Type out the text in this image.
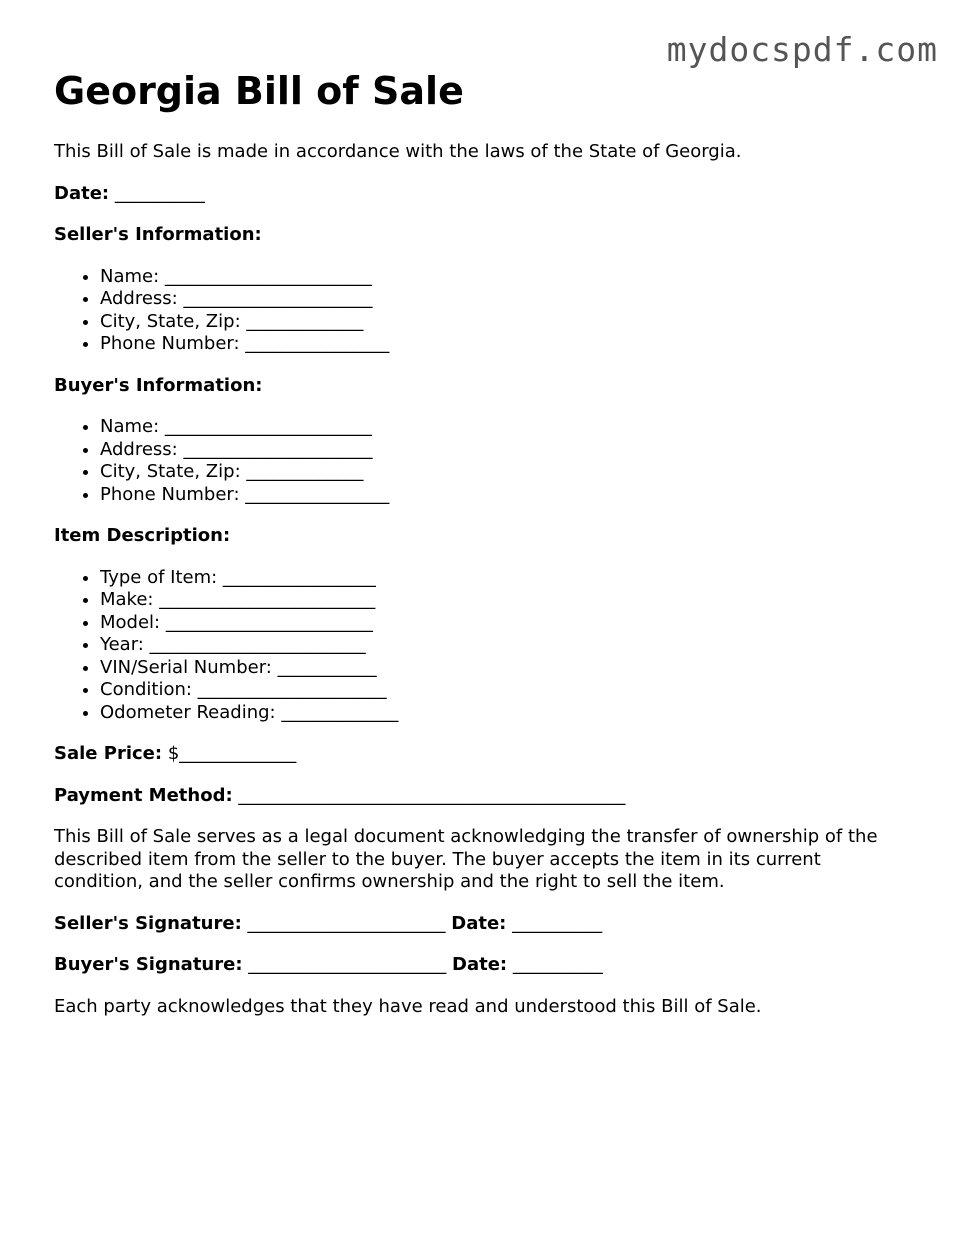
mydocspdf.com
Georgia Bill of Sale

This Bill of Sale is made in accordance with the laws of the State of Georgia.

Date: __________

Seller's Information:

• Name: _______________________
• Address: _____________________
• City, State, Zip: _____________
• Phone Number: ________________

Buyer's Information:

• Name: _______________________
• Address: _____________________
• City, State, Zip: _____________
• Phone Number: ________________

Item Description:

• Type of Item: _________________
• Make: ________________________
• Model: _______________________
• Year: ________________________
• VIN/Serial Number: ___________
• Condition: _____________________
• Odometer Reading: _____________

Sale Price: $_____________

Payment Method: ___________________________________________

This Bill of Sale serves as a legal document acknowledging the transfer of ownership of the described item from the seller to the buyer. The buyer accepts the item in its current condition, and the seller confirms ownership and the right to sell the item.

Seller's Signature: ______________________ Date: __________

Buyer's Signature: ______________________ Date: __________

Each party acknowledges that they have read and understood this Bill of Sale.
